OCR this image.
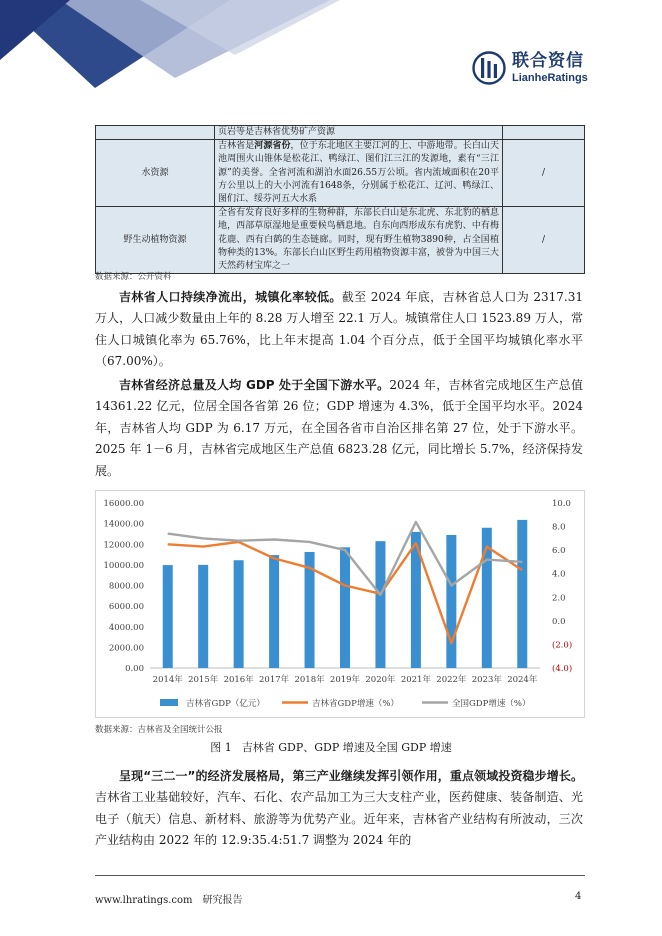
联合资信
LianheRatings
	页岩等是吉林省优势矿产资源	
水资源	吉林省是河源省份，位于东北地区主要江河的上、中游地带。长白山天池周围火山锥体是松花江、鸭绿江、图们江三江的发源地，素有“三江源”的美誉。全省河流和湖泊水面26.55万公顷。省内流域面积在20平方公里以上的大小河流有1648条，分别属于松花江、辽河、鸭绿江、图们江、绥芬河五大水系	/
野生动植物资源	全省有发育良好多样的生物种群，东部长白山是东北虎、东北豹的栖息地，西部草原湿地是重要候鸟栖息地。自东向西形成东有虎豹、中有梅花鹿、西有白鹤的生态链廊。同时，现有野生植物3890种，占全国植物种类的13%。东部长白山区野生药用植物资源丰富，被誉为中国三大天然药材宝库之一	/
数据来源：公开资料

吉林省人口持续净流出，城镇化率较低。截至 2024 年底，吉林省总人口为 2317.31 万人，人口减少数量由上年的 8.28 万人增至 22.1 万人。城镇常住人口 1523.89 万人，常住人口城镇化率为 65.76%，比上年末提高 1.04 个百分点，低于全国平均城镇化率水平（67.00%）。

吉林省经济总量及人均 GDP 处于全国下游水平。2024 年，吉林省完成地区生产总值 14361.22 亿元，位居全国各省第 26 位；GDP 增速为 4.3%，低于全国平均水平。2024 年，吉林省人均 GDP 为 6.17 万元，在全国各省市自治区排名第 27 位，处于下游水平。2025 年 1－6 月，吉林省完成地区生产总值 6823.28 亿元，同比增长 5.7%，经济保持发展。

0.00
2000.00
4000.00
6000.00
8000.00
10000.00
12000.00
14000.00
16000.00
(4.0)
(2.0)
0.0
2.0
4.0
6.0
8.0
10.0
2014年 2015年 2016年 2017年 2018年 2019年 2020年 2021年 2022年 2023年 2024年
吉林省GDP（亿元）	吉林省GDP增速（%）	全国GDP增速（%）
数据来源：吉林省及全国统计公报
图 1 吉林省 GDP、GDP 增速及全国 GDP 增速

呈现“三二一”的经济发展格局，第三产业继续发挥引领作用，重点领域投资稳步增长。吉林省工业基础较好，汽车、石化、农产品加工为三大支柱产业，医药健康、装备制造、光电子（航天）信息、新材料、旅游等为优势产业。近年来，吉林省产业结构有所波动，三次产业结构由 2022 年的 12.9:35.4:51.7 调整为 2024 年的

www.lhratings.com 研究报告	4
